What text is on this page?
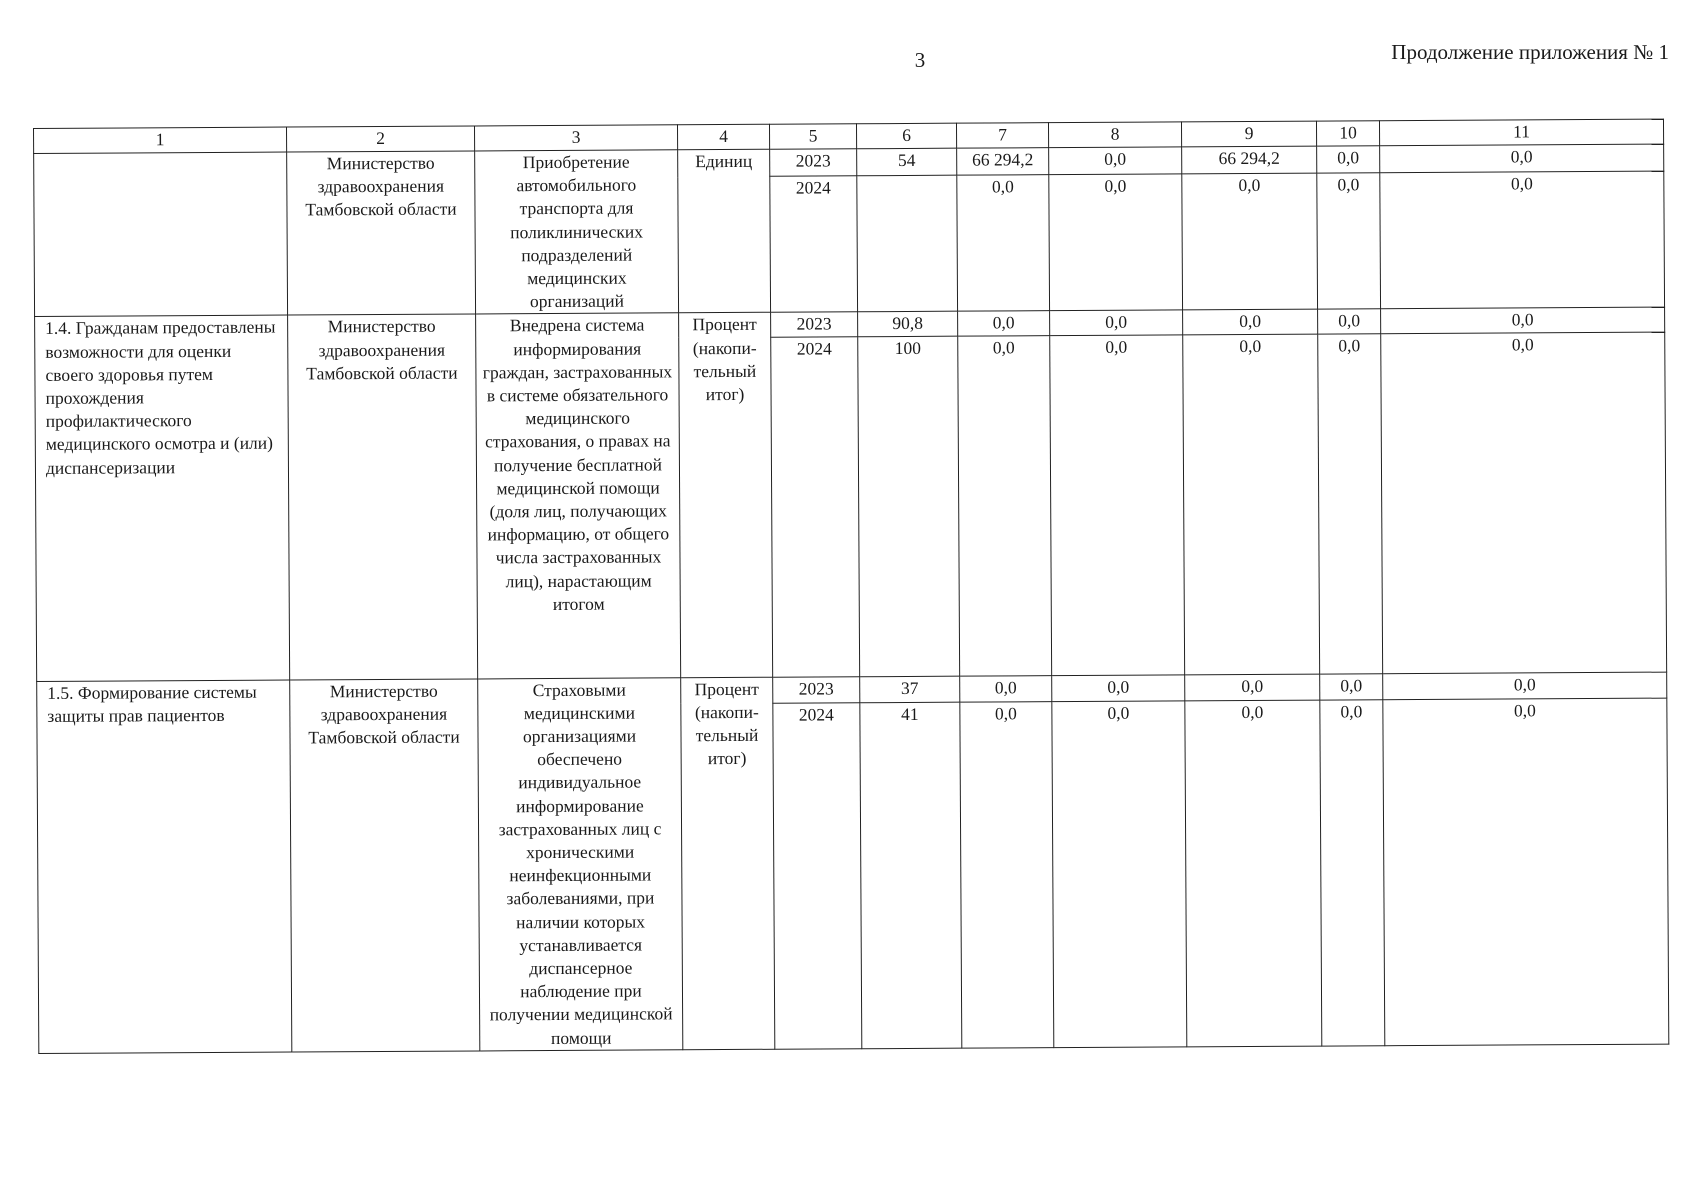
3	Продолжение приложения № 1
1	2	3	4	5	6	7	8	9	10	11
	Министерство здравоохранения Тамбовской области	Приобретение автомобильного транспорта для поликлинических подразделений медицинских организаций	Единиц	2023	54	66 294,2	0,0	66 294,2	0,0	0,0
				2024		0,0	0,0	0,0	0,0	0,0
1.4. Гражданам предоставлены возможности для оценки своего здоровья путем прохождения профилактического медицинского осмотра и (или) диспансеризации	Министерство здравоохранения Тамбовской области	Внедрена система информирования граждан, застрахованных в системе обязательного медицинского страхования, о правах на получение бесплатной медицинской помощи (доля лиц, получающих информацию, от общего числа застрахованных лиц), нарастающим итогом	Процент (накопи-тельный итог)	2023	90,8	0,0	0,0	0,0	0,0	0,0
				2024	100	0,0	0,0	0,0	0,0	0,0
1.5. Формирование системы защиты прав пациентов	Министерство здравоохранения Тамбовской области	Страховыми медицинскими организациями обеспечено индивидуальное информирование застрахованных лиц с хроническими неинфекционными заболеваниями, при наличии которых устанавливается диспансерное наблюдение при получении медицинской помощи	Процент (накопи-тельный итог)	2023	37	0,0	0,0	0,0	0,0	0,0
				2024	41	0,0	0,0	0,0	0,0	0,0
